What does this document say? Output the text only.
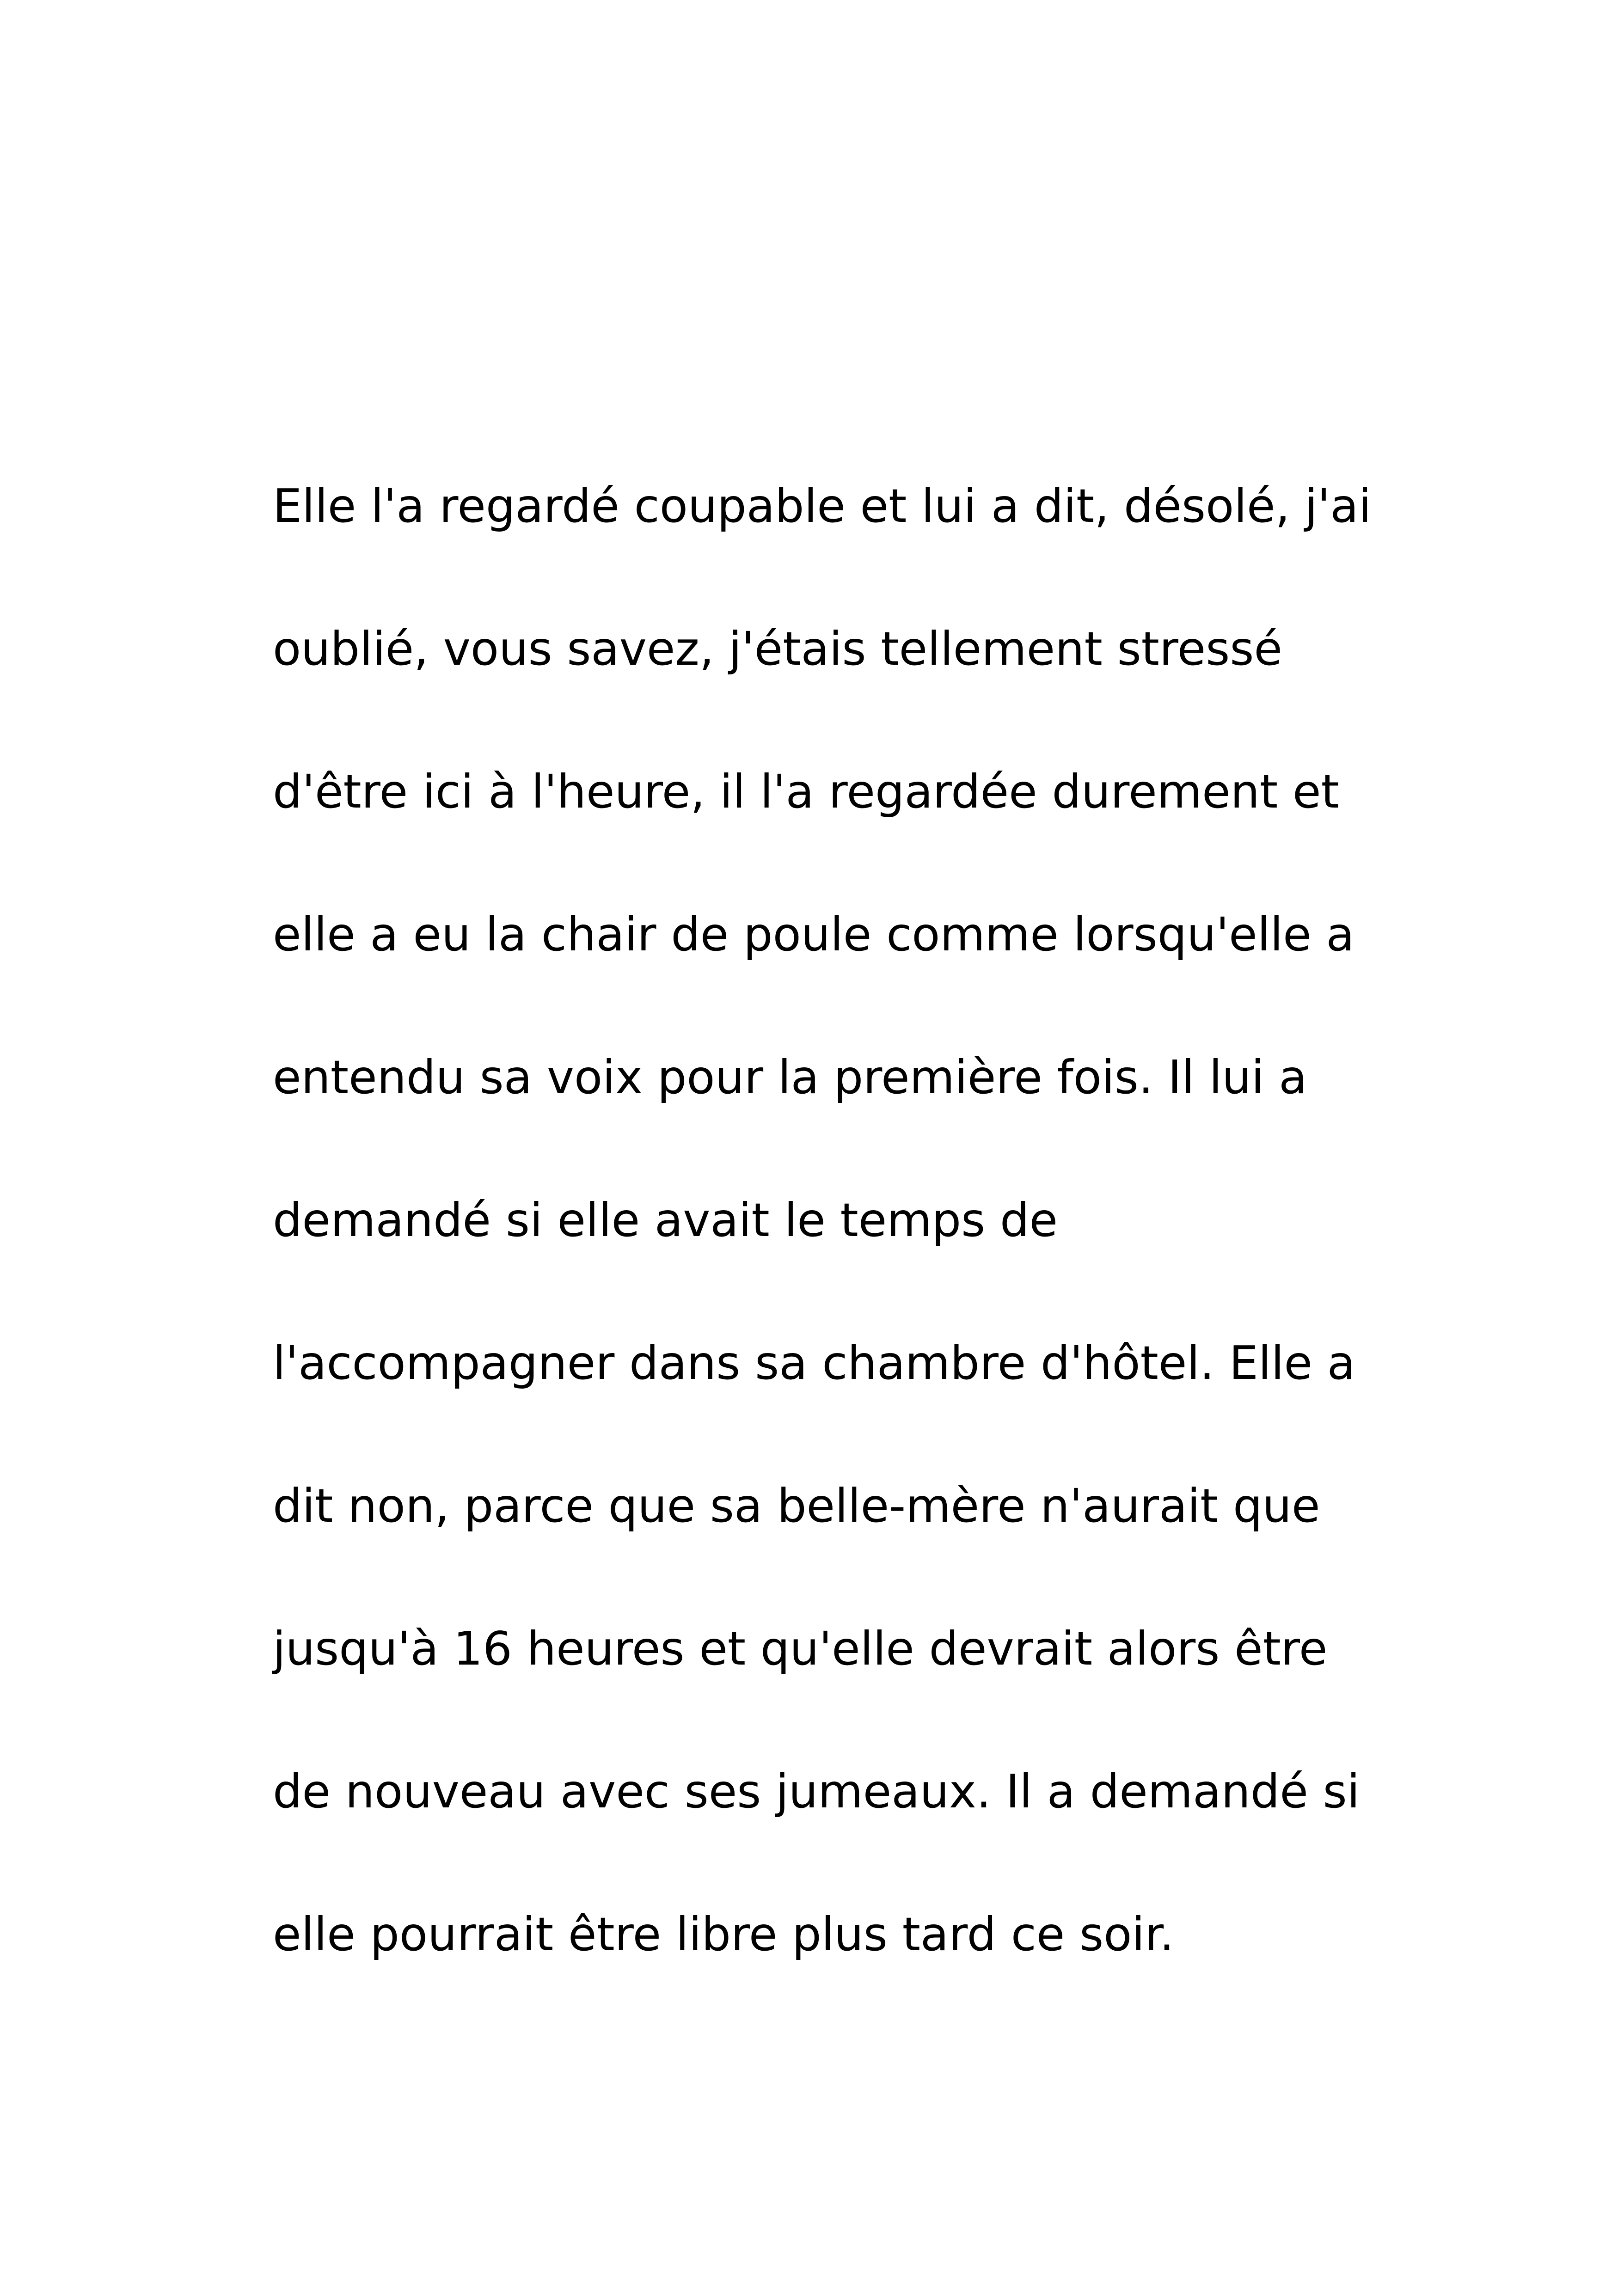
Elle l'a regardé coupable et lui a dit, désolé, j'ai
oublié, vous savez, j'étais tellement stressé
d'être ici à l'heure, il l'a regardée durement et
elle a eu la chair de poule comme lorsqu'elle a
entendu sa voix pour la première fois. Il lui a
demandé si elle avait le temps de
l'accompagner dans sa chambre d'hôtel. Elle a
dit non, parce que sa belle-mère n'aurait que
jusqu'à 16 heures et qu'elle devrait alors être
de nouveau avec ses jumeaux. Il a demandé si
elle pourrait être libre plus tard ce soir.
